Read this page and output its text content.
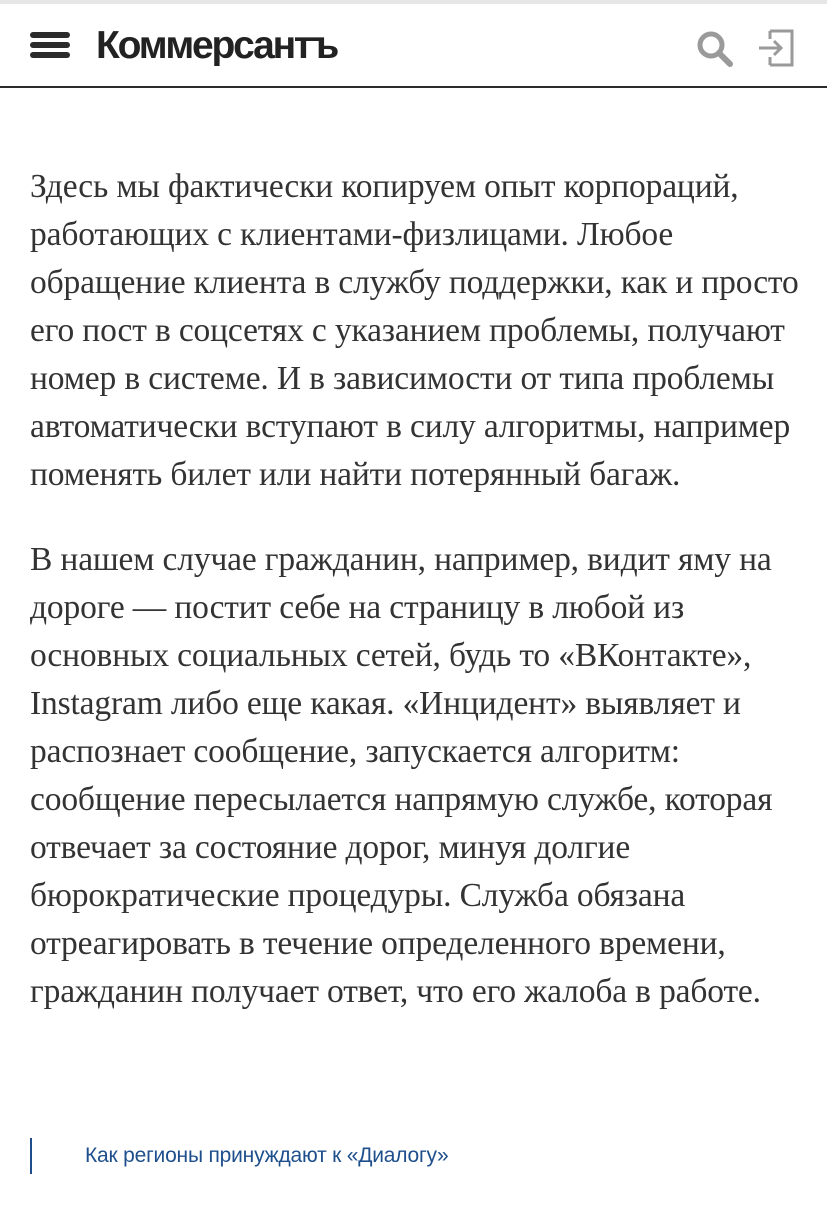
Коммерсантъ

Здесь мы фактически копируем опыт корпораций, работающих с клиентами-физлицами. Любое обращение клиента в службу поддержки, как и просто его пост в соцсетях с указанием проблемы, получают номер в системе. И в зависимости от типа проблемы автоматически вступают в силу алгоритмы, например поменять билет или найти потерянный багаж.

В нашем случае гражданин, например, видит яму на дороге — постит себе на страницу в любой из основных социальных сетей, будь то «ВКонтакте», Instagram либо еще какая. «Инцидент» выявляет и распознает сообщение, запускается алгоритм: сообщение пересылается напрямую службе, которая отвечает за состояние дорог, минуя долгие бюрократические процедуры. Служба обязана отреагировать в течение определенного времени, гражданин получает ответ, что его жалоба в работе.

Как регионы принуждают к «Диалогу»
